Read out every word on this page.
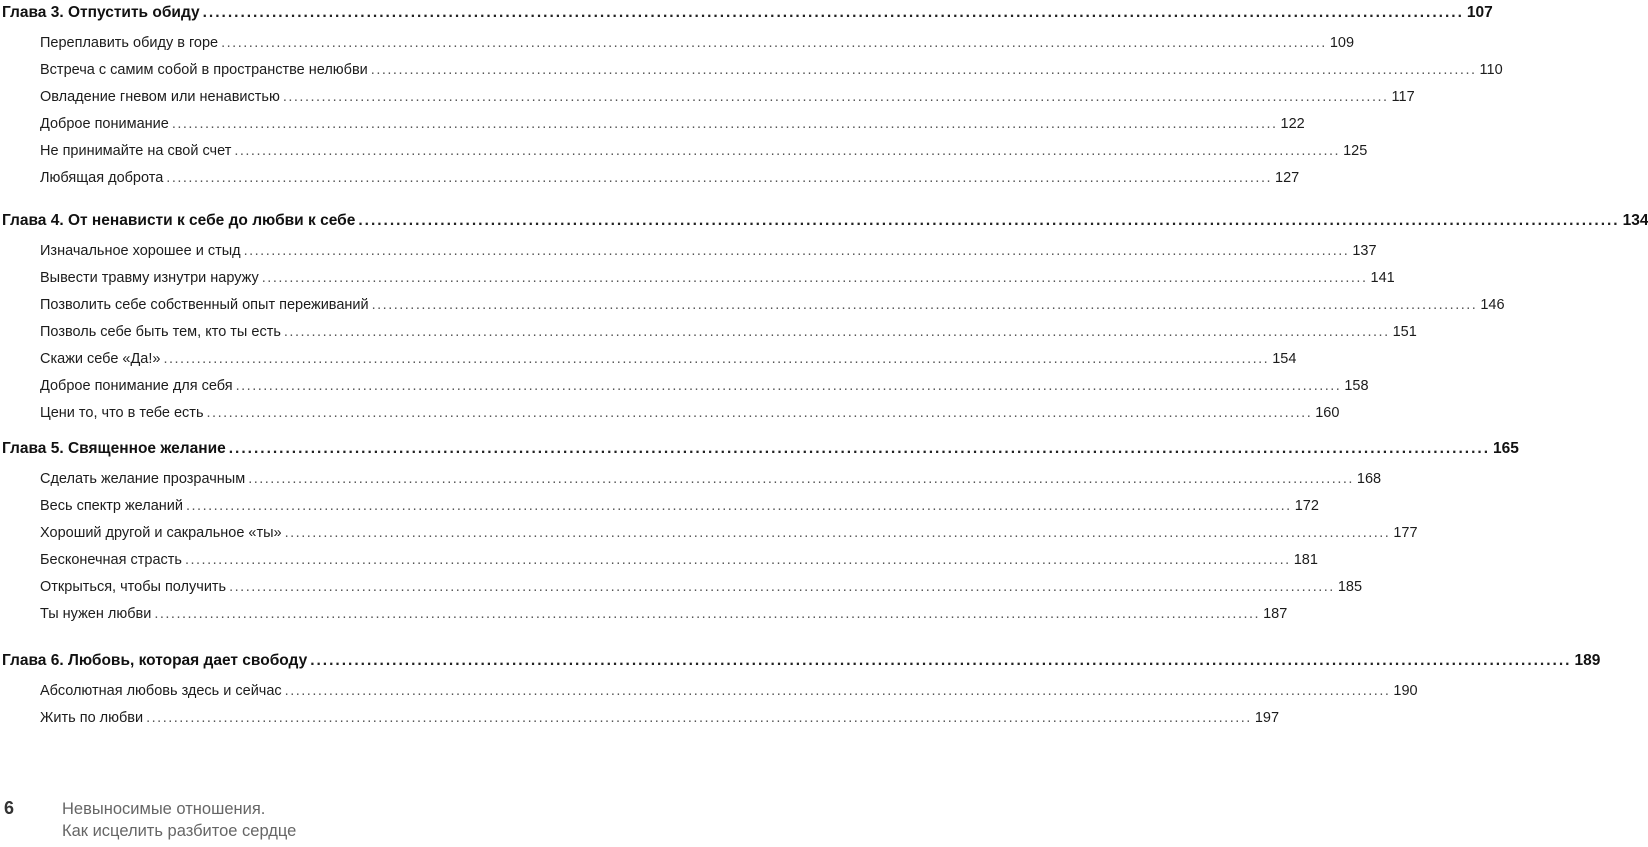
Глава 3. Отпустить обиду ........................................................................................................................................................................................................ 107
Переплавить обиду в горе ........................................................................................................................................................................................................ 109
Встреча с самим собой в пространстве нелюбви ........................................................................................................................................................................................................ 110
Овладение гневом или ненавистью ........................................................................................................................................................................................................ 117
Доброе понимание ........................................................................................................................................................................................................ 122
Не принимайте на свой счет ........................................................................................................................................................................................................ 125
Любящая доброта ........................................................................................................................................................................................................ 127
Глава 4. От ненависти к себе до любви к себе ........................................................................................................................................................................................................ 134
Изначальное хорошее и стыд ........................................................................................................................................................................................................ 137
Вывести травму изнутри наружу ........................................................................................................................................................................................................ 141
Позволить себе собственный опыт переживаний ........................................................................................................................................................................................................ 146
Позволь себе быть тем, кто ты есть ........................................................................................................................................................................................................ 151
Скажи себе «Да!» ........................................................................................................................................................................................................ 154
Доброе понимание для себя ........................................................................................................................................................................................................ 158
Цени то, что в тебе есть ........................................................................................................................................................................................................ 160
Глава 5. Священное желание ........................................................................................................................................................................................................ 165
Сделать желание прозрачным ........................................................................................................................................................................................................ 168
Весь спектр желаний ........................................................................................................................................................................................................ 172
Хороший другой и сакральное «ты» ........................................................................................................................................................................................................ 177
Бесконечная страсть ........................................................................................................................................................................................................ 181
Открыться, чтобы получить ........................................................................................................................................................................................................ 185
Ты нужен любви ........................................................................................................................................................................................................ 187
Глава 6. Любовь, которая дает свободу ........................................................................................................................................................................................................ 189
Абсолютная любовь здесь и сейчас ........................................................................................................................................................................................................ 190
Жить по любви ........................................................................................................................................................................................................ 197
6	Невыносимые отношения.
Как исцелить разбитое сердце
